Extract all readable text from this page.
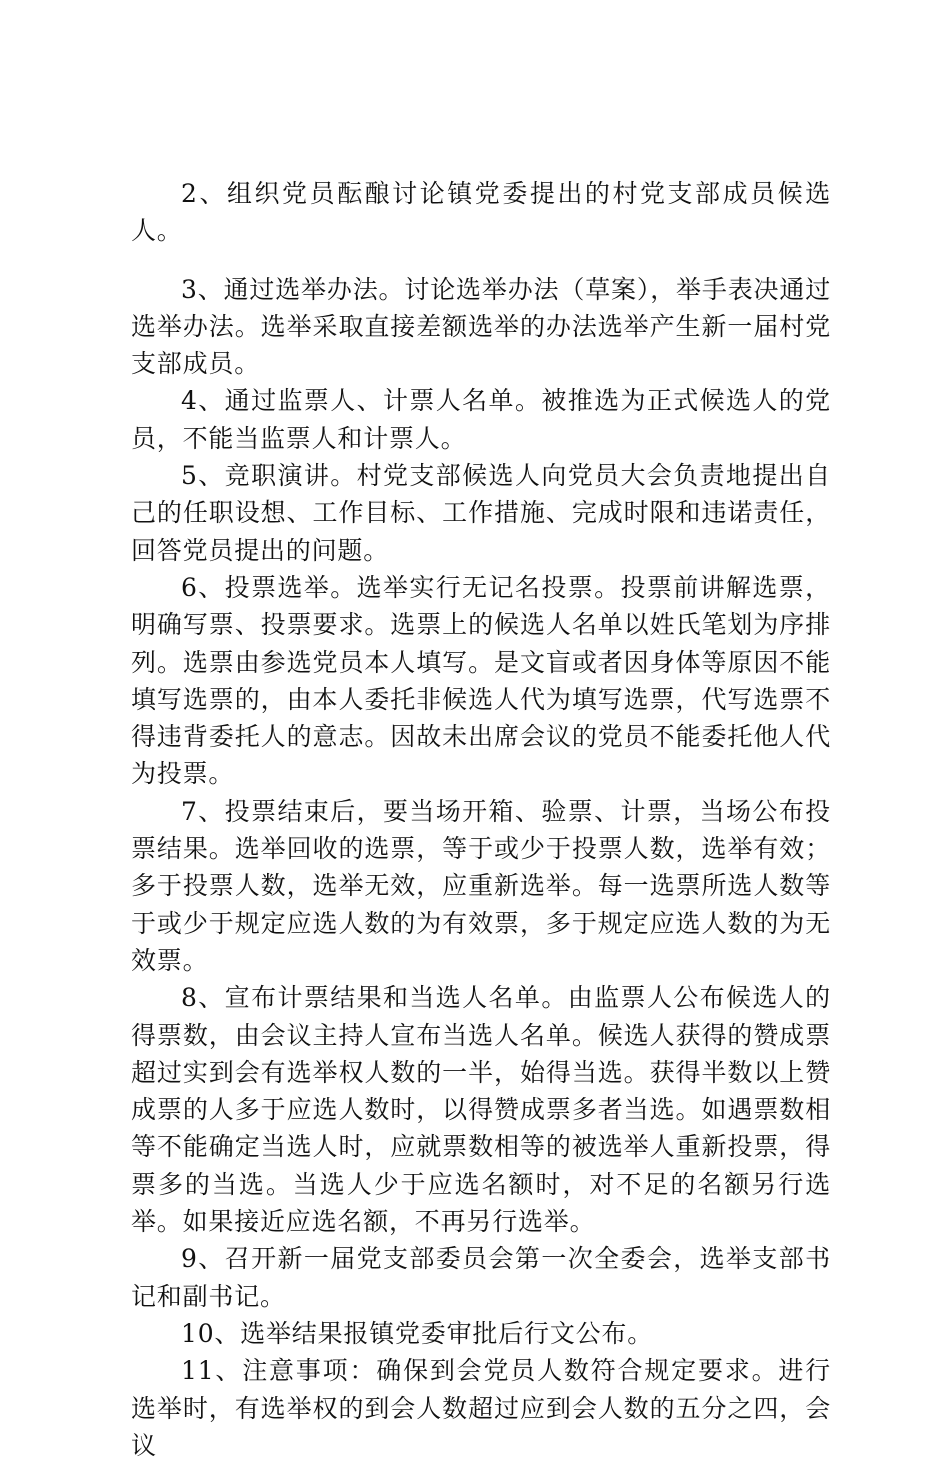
2、组织党员酝酿讨论镇党委提出的村党支部成员候选人。

3、通过选举办法。讨论选举办法（草案），举手表决通过选举办法。选举采取直接差额选举的办法选举产生新一届村党支部成员。

4、通过监票人、计票人名单。被推选为正式候选人的党员，不能当监票人和计票人。

5、竞职演讲。村党支部候选人向党员大会负责地提出自己的任职设想、工作目标、工作措施、完成时限和违诺责任，回答党员提出的问题。

6、投票选举。选举实行无记名投票。投票前讲解选票，明确写票、投票要求。选票上的候选人名单以姓氏笔划为序排列。选票由参选党员本人填写。是文盲或者因身体等原因不能填写选票的，由本人委托非候选人代为填写选票，代写选票不得违背委托人的意志。因故未出席会议的党员不能委托他人代为投票。

7、投票结束后，要当场开箱、验票、计票，当场公布投票结果。选举回收的选票，等于或少于投票人数，选举有效；多于投票人数，选举无效，应重新选举。每一选票所选人数等于或少于规定应选人数的为有效票，多于规定应选人数的为无效票。

8、宣布计票结果和当选人名单。由监票人公布候选人的得票数，由会议主持人宣布当选人名单。候选人获得的赞成票超过实到会有选举权人数的一半，始得当选。获得半数以上赞成票的人多于应选人数时，以得赞成票多者当选。如遇票数相等不能确定当选人时，应就票数相等的被选举人重新投票，得票多的当选。当选人少于应选名额时，对不足的名额另行选举。如果接近应选名额，不再另行选举。

9、召开新一届党支部委员会第一次全委会，选举支部书记和副书记。

10、选举结果报镇党委审批后行文公布。

11、注意事项：确保到会党员人数符合规定要求。进行选举时，有选举权的到会人数超过应到会人数的五分之四，会议
